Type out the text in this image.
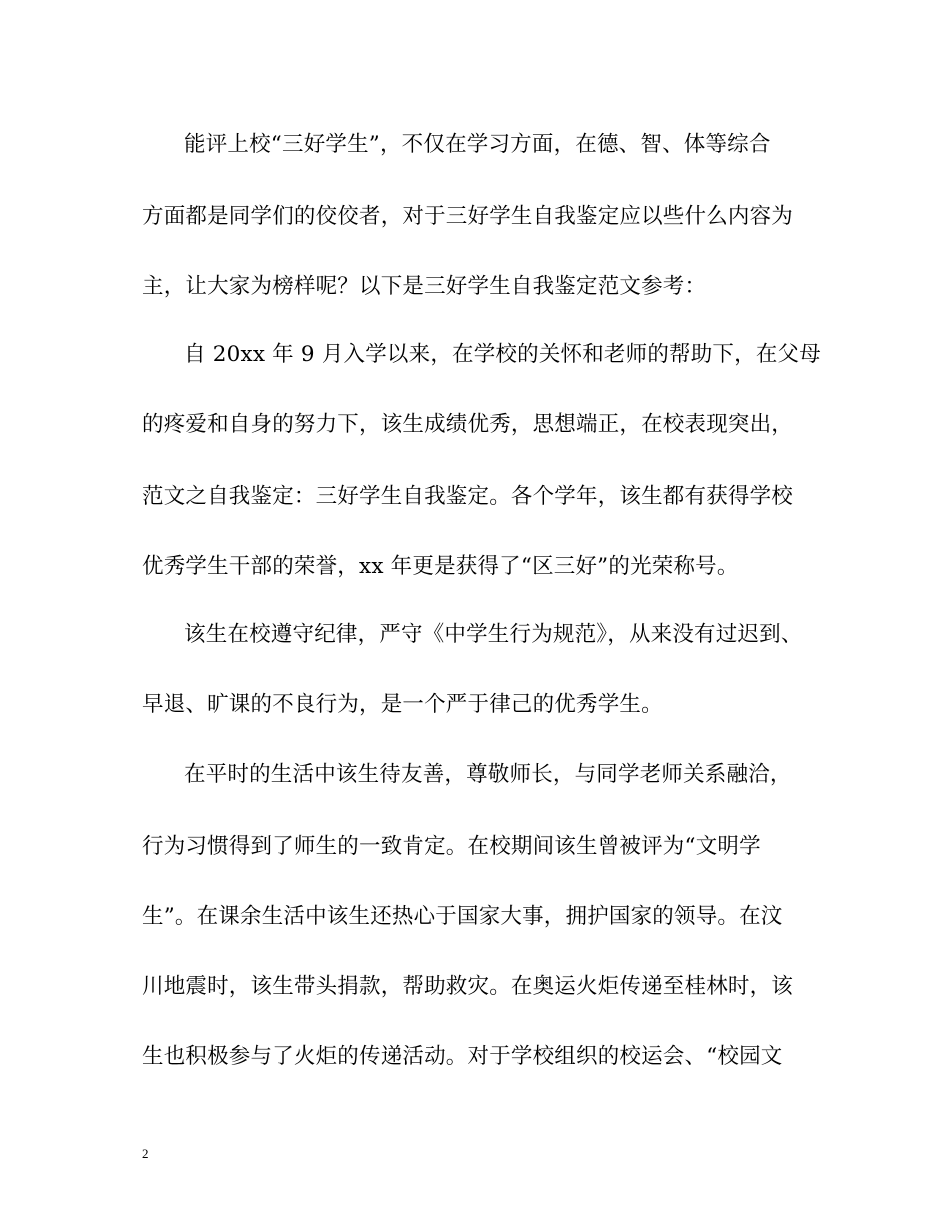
能评上校“三好学生”，不仅在学习方面，在德、智、体等综合
方面都是同学们的佼佼者，对于三好学生自我鉴定应以些什么内容为
主，让大家为榜样呢？以下是三好学生自我鉴定范文参考：
自 20xx 年 9 月入学以来，在学校的关怀和老师的帮助下，在父母
的疼爱和自身的努力下，该生成绩优秀，思想端正，在校表现突出，
范文之自我鉴定：三好学生自我鉴定。各个学年，该生都有获得学校
优秀学生干部的荣誉，xx 年更是获得了“区三好”的光荣称号。
该生在校遵守纪律，严守《中学生行为规范》，从来没有过迟到、
早退、旷课的不良行为，是一个严于律己的优秀学生。
在平时的生活中该生待友善，尊敬师长，与同学老师关系融洽，
行为习惯得到了师生的一致肯定。在校期间该生曾被评为“文明学
生”。在课余生活中该生还热心于国家大事，拥护国家的领导。在汶
川地震时，该生带头捐款，帮助救灾。在奥运火炬传递至桂林时，该
生也积极参与了火炬的传递活动。对于学校组织的校运会、“校园文
2
